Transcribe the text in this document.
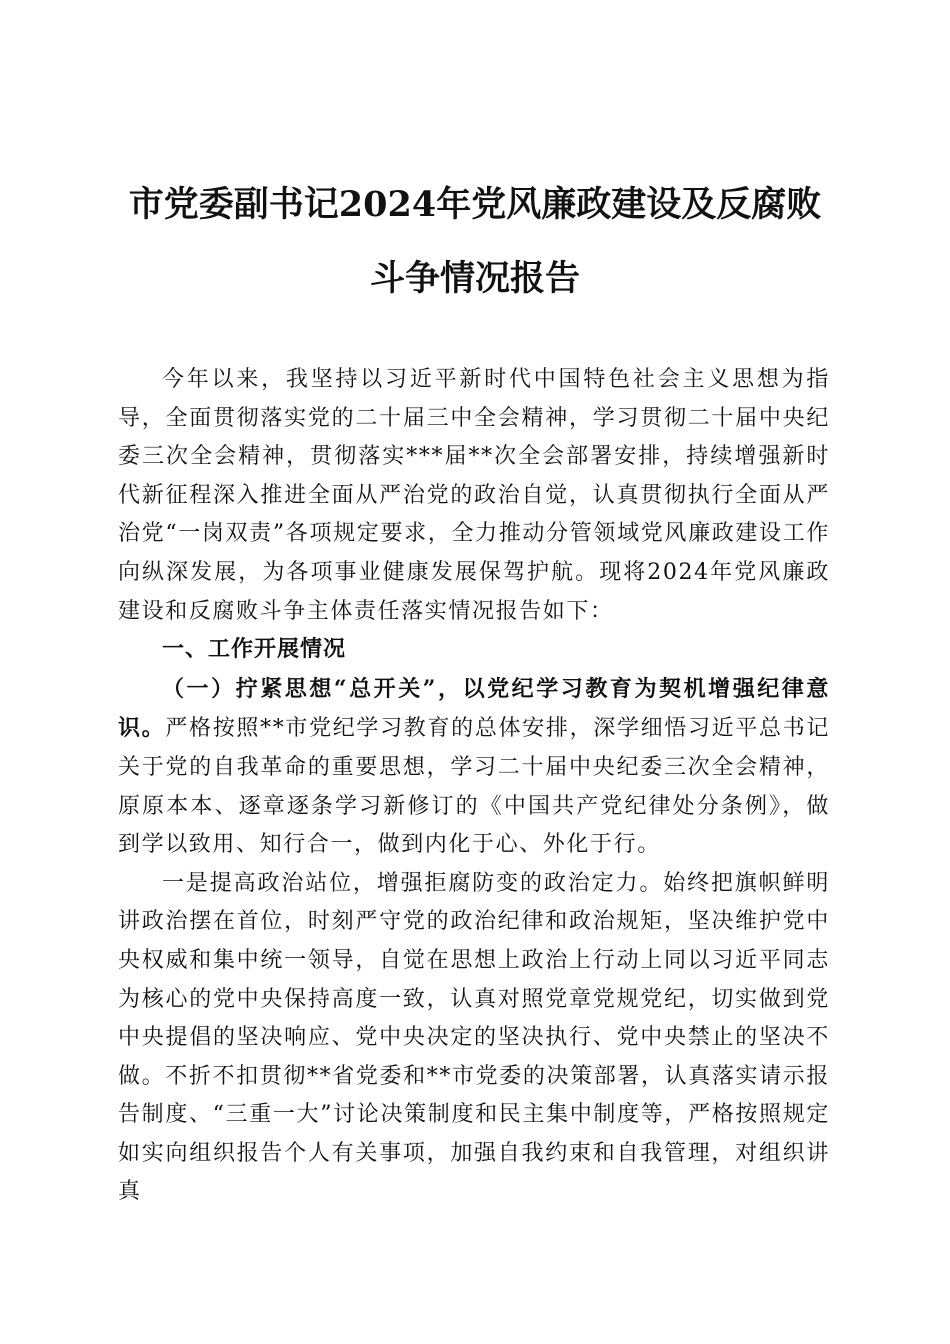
市党委副书记2024年党风廉政建设及反腐败
斗争情况报告

今年以来，我坚持以习近平新时代中国特色社会主义思想为指导，全面贯彻落实党的二十届三中全会精神，学习贯彻二十届中央纪委三次全会精神，贯彻落实***届**次全会部署安排，持续增强新时代新征程深入推进全面从严治党的政治自觉，认真贯彻执行全面从严治党“一岗双责”各项规定要求，全力推动分管领域党风廉政建设工作向纵深发展，为各项事业健康发展保驾护航。现将2024年党风廉政建设和反腐败斗争主体责任落实情况报告如下：

一、工作开展情况

（一）拧紧思想“总开关”，以党纪学习教育为契机增强纪律意识。严格按照**市党纪学习教育的总体安排，深学细悟习近平总书记关于党的自我革命的重要思想，学习二十届中央纪委三次全会精神，原原本本、逐章逐条学习新修订的《中国共产党纪律处分条例》，做到学以致用、知行合一，做到内化于心、外化于行。

一是提高政治站位，增强拒腐防变的政治定力。始终把旗帜鲜明讲政治摆在首位，时刻严守党的政治纪律和政治规矩，坚决维护党中央权威和集中统一领导，自觉在思想上政治上行动上同以习近平同志为核心的党中央保持高度一致，认真对照党章党规党纪，切实做到党中央提倡的坚决响应、党中央决定的坚决执行、党中央禁止的坚决不做。不折不扣贯彻**省党委和**市党委的决策部署，认真落实请示报告制度、“三重一大”讨论决策制度和民主集中制度等，严格按照规定如实向组织报告个人有关事项，加强自我约束和自我管理，对组织讲真
